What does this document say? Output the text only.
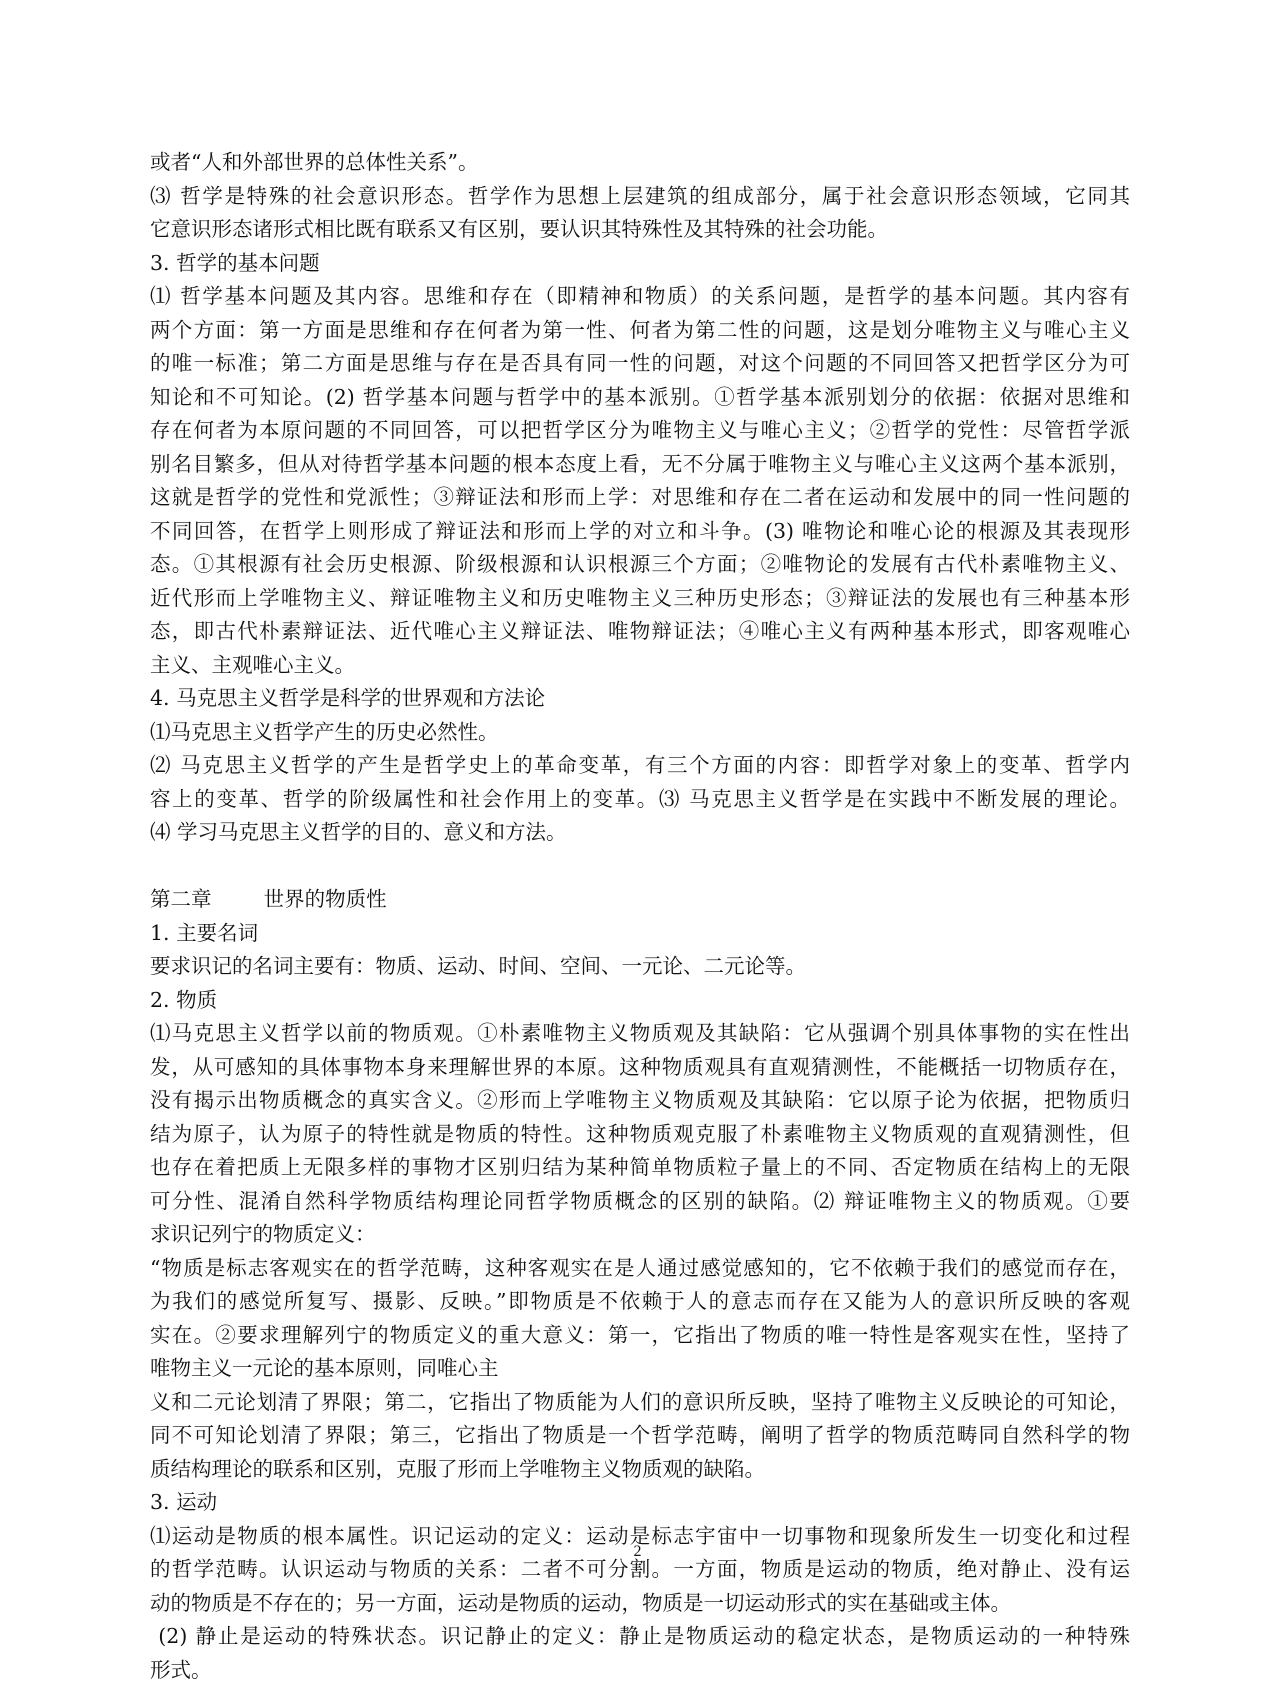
或者“人和外部世界的总体性关系”。
⑶ 哲学是特殊的社会意识形态。哲学作为思想上层建筑的组成部分，属于社会意识形态领域，它同其
它意识形态诸形式相比既有联系又有区别，要认识其特殊性及其特殊的社会功能。
3. 哲学的基本问题
⑴ 哲学基本问题及其内容。思维和存在（即精神和物质）的关系问题，是哲学的基本问题。其内容有
两个方面：第一方面是思维和存在何者为第一性、何者为第二性的问题，这是划分唯物主义与唯心主义
的唯一标准；第二方面是思维与存在是否具有同一性的问题，对这个问题的不同回答又把哲学区分为可
知论和不可知论。(2) 哲学基本问题与哲学中的基本派别。①哲学基本派别划分的依据：依据对思维和
存在何者为本原问题的不同回答，可以把哲学区分为唯物主义与唯心主义；②哲学的党性：尽管哲学派
别名目繁多，但从对待哲学基本问题的根本态度上看，无不分属于唯物主义与唯心主义这两个基本派别，
这就是哲学的党性和党派性；③辩证法和形而上学：对思维和存在二者在运动和发展中的同一性问题的
不同回答，在哲学上则形成了辩证法和形而上学的对立和斗争。(3) 唯物论和唯心论的根源及其表现形
态。①其根源有社会历史根源、阶级根源和认识根源三个方面；②唯物论的发展有古代朴素唯物主义、
近代形而上学唯物主义、辩证唯物主义和历史唯物主义三种历史形态；③辩证法的发展也有三种基本形
态，即古代朴素辩证法、近代唯心主义辩证法、唯物辩证法；④唯心主义有两种基本形式，即客观唯心
主义、主观唯心主义。
4. 马克思主义哲学是科学的世界观和方法论
⑴马克思主义哲学产生的历史必然性。
⑵ 马克思主义哲学的产生是哲学史上的革命变革，有三个方面的内容：即哲学对象上的变革、哲学内
容上的变革、哲学的阶级属性和社会作用上的变革。⑶ 马克思主义哲学是在实践中不断发展的理论。
⑷ 学习马克思主义哲学的目的、意义和方法。
第二章        世界的物质性
1. 主要名词
要求识记的名词主要有：物质、运动、时间、空间、一元论、二元论等。
2. 物质
⑴马克思主义哲学以前的物质观。①朴素唯物主义物质观及其缺陷：它从强调个别具体事物的实在性出
发，从可感知的具体事物本身来理解世界的本原。这种物质观具有直观猜测性，不能概括一切物质存在，
没有揭示出物质概念的真实含义。②形而上学唯物主义物质观及其缺陷：它以原子论为依据，把物质归
结为原子，认为原子的特性就是物质的特性。这种物质观克服了朴素唯物主义物质观的直观猜测性，但
也存在着把质上无限多样的事物才区别归结为某种简单物质粒子量上的不同、否定物质在结构上的无限
可分性、混淆自然科学物质结构理论同哲学物质概念的区别的缺陷。⑵ 辩证唯物主义的物质观。①要
求识记列宁的物质定义：
“物质是标志客观实在的哲学范畴，这种客观实在是人通过感觉感知的，它不依赖于我们的感觉而存在，
为我们的感觉所复写、摄影、反映。”即物质是不依赖于人的意志而存在又能为人的意识所反映的客观
实在。②要求理解列宁的物质定义的重大意义：第一，它指出了物质的唯一特性是客观实在性，坚持了
唯物主义一元论的基本原则，同唯心主
义和二元论划清了界限；第二，它指出了物质能为人们的意识所反映，坚持了唯物主义反映论的可知论，
同不可知论划清了界限；第三，它指出了物质是一个哲学范畴，阐明了哲学的物质范畴同自然科学的物
质结构理论的联系和区别，克服了形而上学唯物主义物质观的缺陷。
3. 运动
⑴运动是物质的根本属性。识记运动的定义：运动是标志宇宙中一切事物和现象所发生一切变化和过程
的哲学范畴。认识运动与物质的关系：二者不可分割。一方面，物质是运动的物质，绝对静止、没有运
动的物质是不存在的；另一方面，运动是物质的运动，物质是一切运动形式的实在基础或主体。
(2) 静止是运动的特殊状态。识记静止的定义：静止是物质运动的稳定状态，是物质运动的一种特殊
形式。
2
